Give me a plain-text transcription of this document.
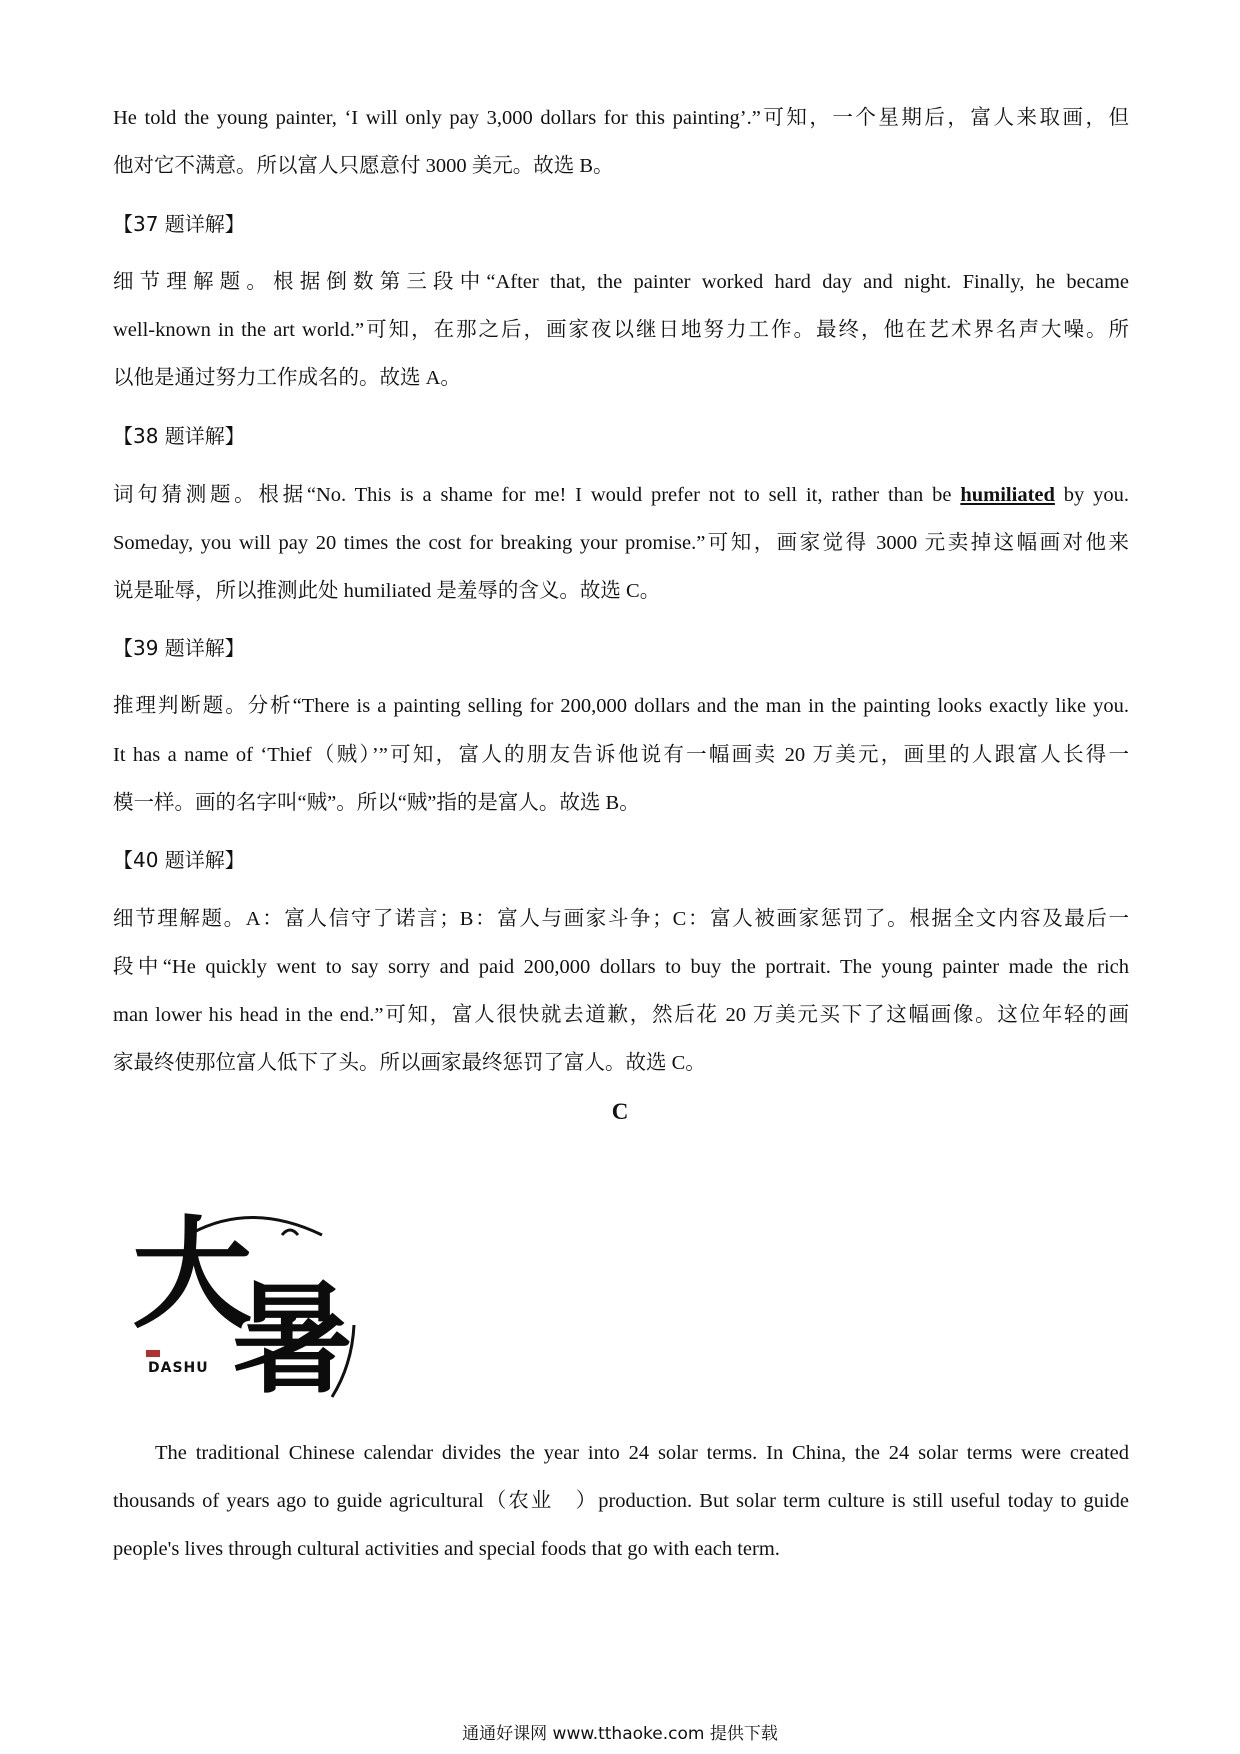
He told the young painter, ‘I will only pay 3,000 dollars for this painting’.”可知，一个星期后，富人来取画，但
他对它不满意。所以富人只愿意付 3000 美元。故选 B。
【37 题详解】
细节理解题。根据倒数第三段中“After that, the painter worked hard day and night. Finally, he became
well-known in the art world.”可知，在那之后，画家夜以继日地努力工作。最终，他在艺术界名声大噪。所
以他是通过努力工作成名的。故选 A。
【38 题详解】
词句猜测题。根据“No. This is a shame for me! I would prefer not to sell it, rather than be humiliated by you.
Someday, you will pay 20 times the cost for breaking your promise.”可知，画家觉得 3000 元卖掉这幅画对他来
说是耻辱，所以推测此处 humiliated 是羞辱的含义。故选 C。
【39 题详解】
推理判断题。分析“There is a painting selling for 200,000 dollars and the man in the painting looks exactly like you.
It has a name of ‘Thief（贼）’”可知，富人的朋友告诉他说有一幅画卖 20 万美元，画里的人跟富人长得一
模一样。画的名字叫“贼”。所以“贼”指的是富人。故选 B。
【40 题详解】
细节理解题。A：富人信守了诺言；B：富人与画家斗争；C：富人被画家惩罚了。根据全文内容及最后一
段中“He quickly went to say sorry and paid 200,000 dollars to buy the portrait. The young painter made the rich
man lower his head in the end.”可知，富人很快就去道歉，然后花 20 万美元买下了这幅画像。这位年轻的画
家最终使那位富人低下了头。所以画家最终惩罚了富人。故选 C。
C
大
暑
DASHU
The traditional Chinese calendar divides the year into 24 solar terms. In China, the 24 solar terms were created
thousands of years ago to guide agricultural（农业　）production. But solar term culture is still useful today to guide
people's lives through cultural activities and special foods that go with each term.
通通好课网 www.tthaoke.com 提供下载
